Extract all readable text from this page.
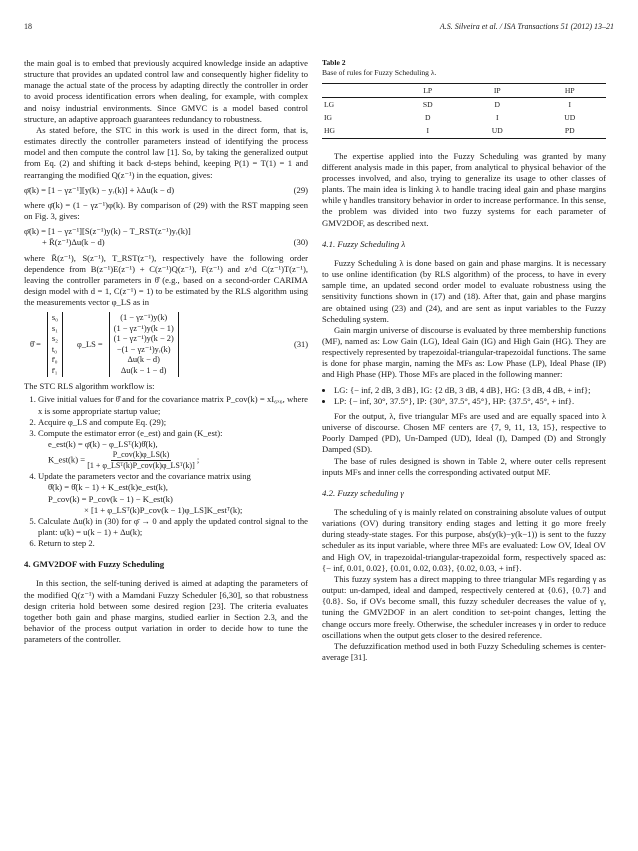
18	A.S. Silveira et al. / ISA Transactions 51 (2012) 13–21

the main goal is to embed that previously acquired knowledge inside an adaptive structure that provides an updated control law and consequently higher fidelity to manage the actual state of the process by adapting directly the controller in order to avoid process identification errors when dealing, for example, with complex and noisy industrial environments. Since GMVC is a model based control structure, an adaptive approach guarantees redundancy to robustness.

As stated before, the STC in this work is used in the direct form, that is, estimates directly the controller parameters instead of identifying the process model and then compute the control law [1]. So, by taking the generalized output from Eq. (2) and shifting it back d-steps behind, keeping P(1) = T(1) = 1 and rearranging the modified Q(z⁻¹) in the equation, gives:

φ̄(k) = [1 − γz⁻¹][y(k) − yᵣ(k)] + λΔu(k − d)	(29)

where φ̄(k) = (1 − γz⁻¹)φ(k). By comparison of (29) with the RST mapping seen on Fig. 3, gives:

φ̄(k) = [1 − γz⁻¹][S(z⁻¹)y(k) − T_RST(z⁻¹)yᵣ(k)]
+ R̄(z⁻¹)Δu(k − d)	(30)

where R̄(z⁻¹), S(z⁻¹), T_RST(z⁻¹), respectively have the following order dependence from B(z⁻¹)E(z⁻¹) + C(z⁻¹)Q(z⁻¹), F(z⁻¹) and z^d C(z⁻¹)T(z⁻¹), leaving the controller parameters in θ̂ (e.g., based on a second-order CARIMA design model with d = 1, C(z⁻¹) = 1) to be estimated by the RLS algorithm using the measurements vector φ_LS as in

θ̂ =
s₀
s₁
s₂
t₀
r̄₀
r̄₁
φ_LS =
(1 − γz⁻¹)y(k)
(1 − γz⁻¹)y(k − 1)
(1 − γz⁻¹)y(k − 2)
−(1 − γz⁻¹)yᵣ(k)
Δu(k − d)
Δu(k − 1 − d)
(31)

The STC RLS algorithm workflow is:

1. Give initial values for θ̂ and for the covariance matrix P_cov(k) = xI₆ₓ₆, where x is some appropriate startup value;
2. Acquire φ_LS and compute Eq. (29);
3. Compute the estimator error (e_est) and gain (K_est):
e_est(k) = φ̄(k) − φ_LSᵀ(k)θ̂(k),
K_est(k) = $\frac{\text{P\_cov(k)φ\_LS(k)}}{\text{[1 + φ\_LSᵀ(k)P\_cov(k)φ\_LSᵀ(k)]}}$ ;
4. Update the parameters vector and the covariance matrix using
θ̂(k) = θ̂(k − 1) + K_est(k)e_est(k),
P_cov(k) = P_cov(k − 1) − K_est(k)
× [1 + φ_LSᵀ(k)P_cov(k − 1)φ_LS]K_estᵀ(k);
5. Calculate Δu(k) in (30) for φ̄ → 0 and apply the updated control signal to the plant: u(k) = u(k − 1) + Δu(k);
6. Return to step 2.
4. GMV2DOF with Fuzzy Scheduling

In this section, the self-tuning derived is aimed at adapting the parameters of the modified Q(z⁻¹) with a Mamdani Fuzzy Scheduler [6,30], so that robustness design criteria hold between some desired region [23]. The criteria evaluates together both gain and phase margins, studied earlier in Section 2.3, and the behavior of the process output variation in order to decide how to tune the parameters of the controller.

Table 2
Base of rules for Fuzzy Scheduling λ.
	LP	IP	HP
LG	SD	D	I
IG	D	I	UD
HG	I	UD	PD

The expertise applied into the Fuzzy Scheduling was granted by many different analysis made in this paper, from analytical to physical behavior of the processes involved, and also, trying to generalize its usage to other classes of plants. The main idea is linking λ to handle tracing ideal gain and phase margins while γ handles transitory behavior in order to increase performance. In this sense, the problem was divided into two fuzzy systems for each parameter of GMV2DOF, as described next.

4.1. Fuzzy Scheduling λ

Fuzzy Scheduling λ is done based on gain and phase margins. It is necessary to use online identification (by RLS algorithm) of the process, to have in every sample time, an updated second order model to evaluate robustness using the sensitivity functions shown in (17) and (18). After that, gain and phase margins are obtained using (23) and (24), and are sent as input variables to the Fuzzy Scheduling system.

Gain margin universe of discourse is evaluated by three membership functions (MF), named as: Low Gain (LG), Ideal Gain (IG) and High Gain (HG). They are respectively represented by trapezoidal-triangular-trapezoidal functions. The same is done for phase margin, naming the MFs as: Low Phase (LP), Ideal Phase (IP) and High Phase (HP). Those MFs are placed in the following manner:

• LG: {− inf, 2 dB, 3 dB}, IG: {2 dB, 3 dB, 4 dB}, HG: {3 dB, 4 dB, + inf};
• LP: {− inf, 30°, 37.5°}, IP: {30°, 37.5°, 45°}, HP: {37.5°, 45°, + inf}.

For the output, λ, five triangular MFs are used and are equally spaced into λ universe of discourse. Chosen MF centers are {7, 9, 11, 13, 15}, respective to Poorly Damped (PD), Un-Damped (UD), Ideal (I), Damped (D) and Strongly Damped (SD).

The base of rules designed is shown in Table 2, where outer cells represent inputs MFs and inner cells the corresponding activated output MF.

4.2. Fuzzy scheduling γ

The scheduling of γ is mainly related on constraining absolute values of output variations (OV) during transitory ending stages and letting it go more freely during steady-state stages. For this purpose, abs(y(k)−y(k−1)) is sent to the fuzzy scheduler as its input variable, where three MFs are evaluated: Low OV, Ideal OV and High OV, in trapezoidal-triangular-trapezoidal form, respectively spaced as: {− inf, 0.01, 0.02}, {0.01, 0.02, 0.03}, {0.02, 0.03, + inf}.

This fuzzy system has a direct mapping to three triangular MFs regarding γ as output: un-damped, ideal and damped, respectively centered at {0.6}, {0.7} and {0.8}. So, if OVs become small, this fuzzy scheduler decreases the value of γ, tuning the GMV2DOF in an alert condition to set-point changes, letting the change occurs more freely. Otherwise, the scheduler increases γ in order to reduce oscillations when the output gets closer to the desired reference.

The defuzzification method used in both Fuzzy Scheduling schemes is center-average [31].
